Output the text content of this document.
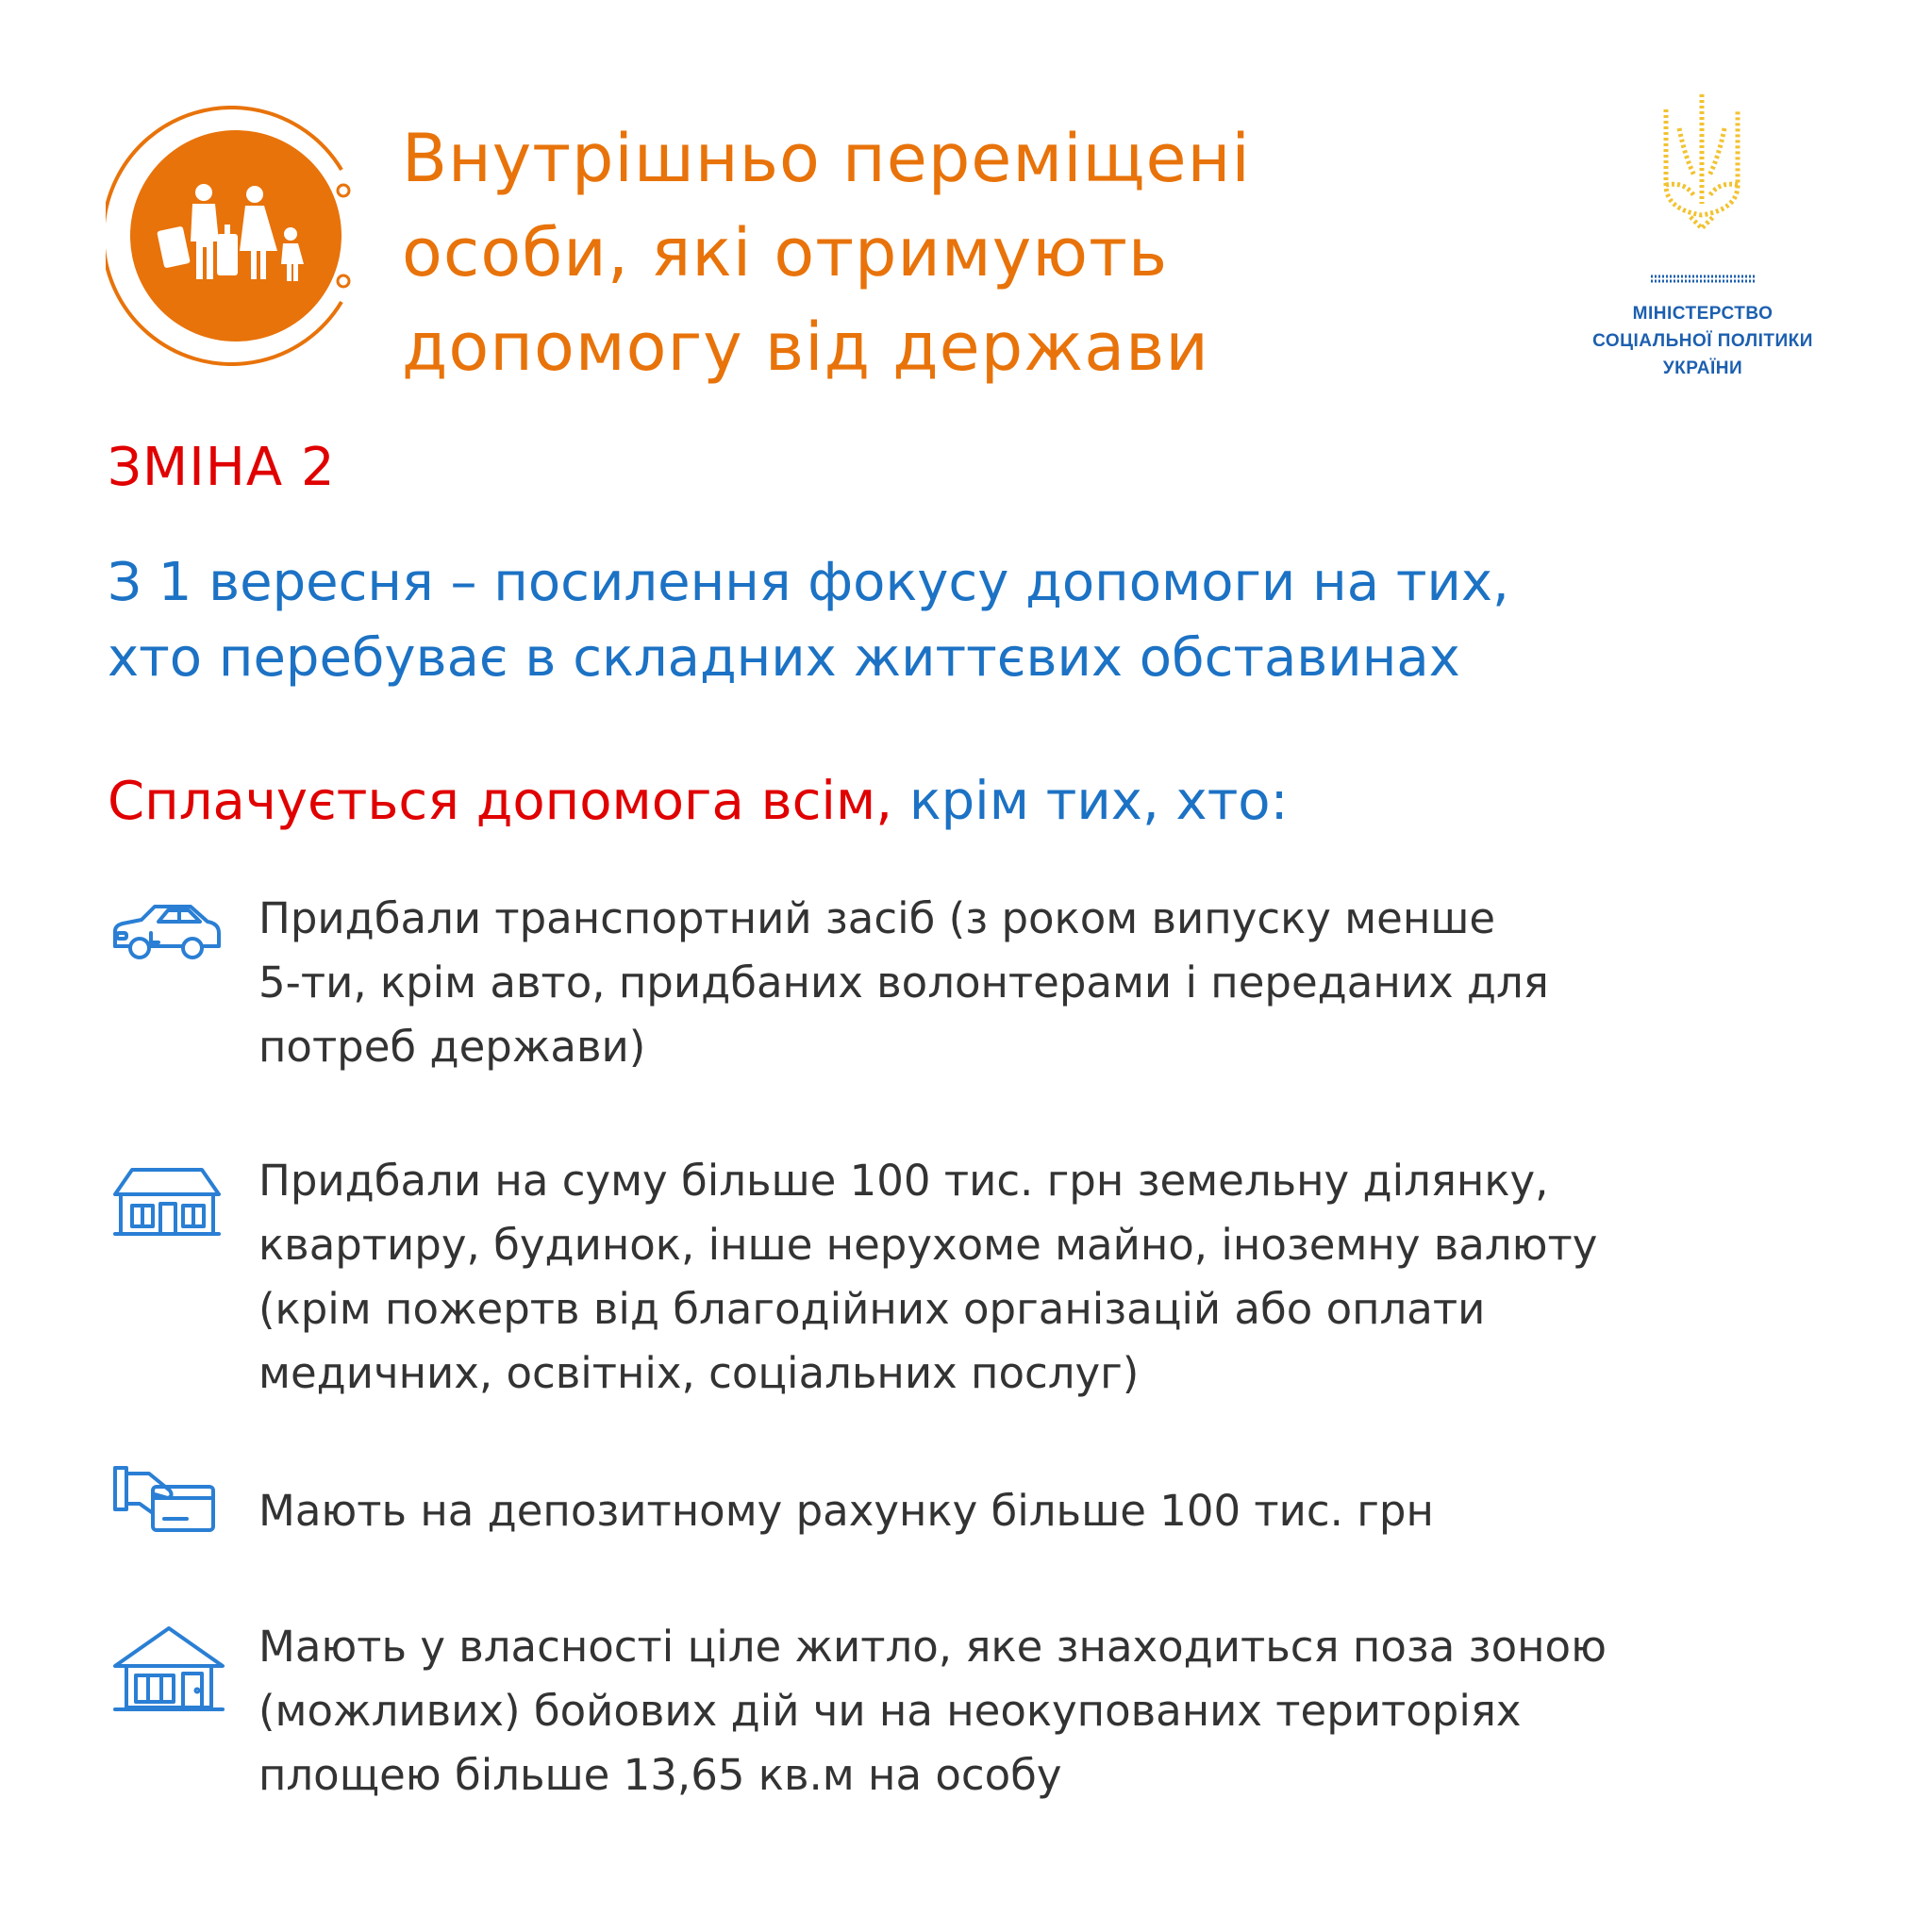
Внутрішньо переміщені
особи, які отримують
допомогу від держави	МІНІСТЕРСТВО
СОЦІАЛЬНОЇ ПОЛІТИКИ
УКРАЇНИ
ЗМІНА 2
З 1 вересня – посилення фокусу допомоги на тих,
хто перебуває в складних життєвих обставинах
Сплачується допомога всім, крім тих, хто:

Придбали транспортний засіб (з роком випуску менше
5-ти, крім авто, придбаних волонтерами і переданих для
потреб держави)

Придбали на суму більше 100 тис. грн земельну ділянку,
квартиру, будинок, інше нерухоме майно, іноземну валюту
(крім пожертв від благодійних організацій або оплати
медичних, освітніх, соціальних послуг)

Мають на депозитному рахунку більше 100 тис. грн

Мають у власності ціле житло, яке знаходиться поза зоною
(можливих) бойових дій чи на неокупованих територіях
площею більше 13,65 кв.м на особу
